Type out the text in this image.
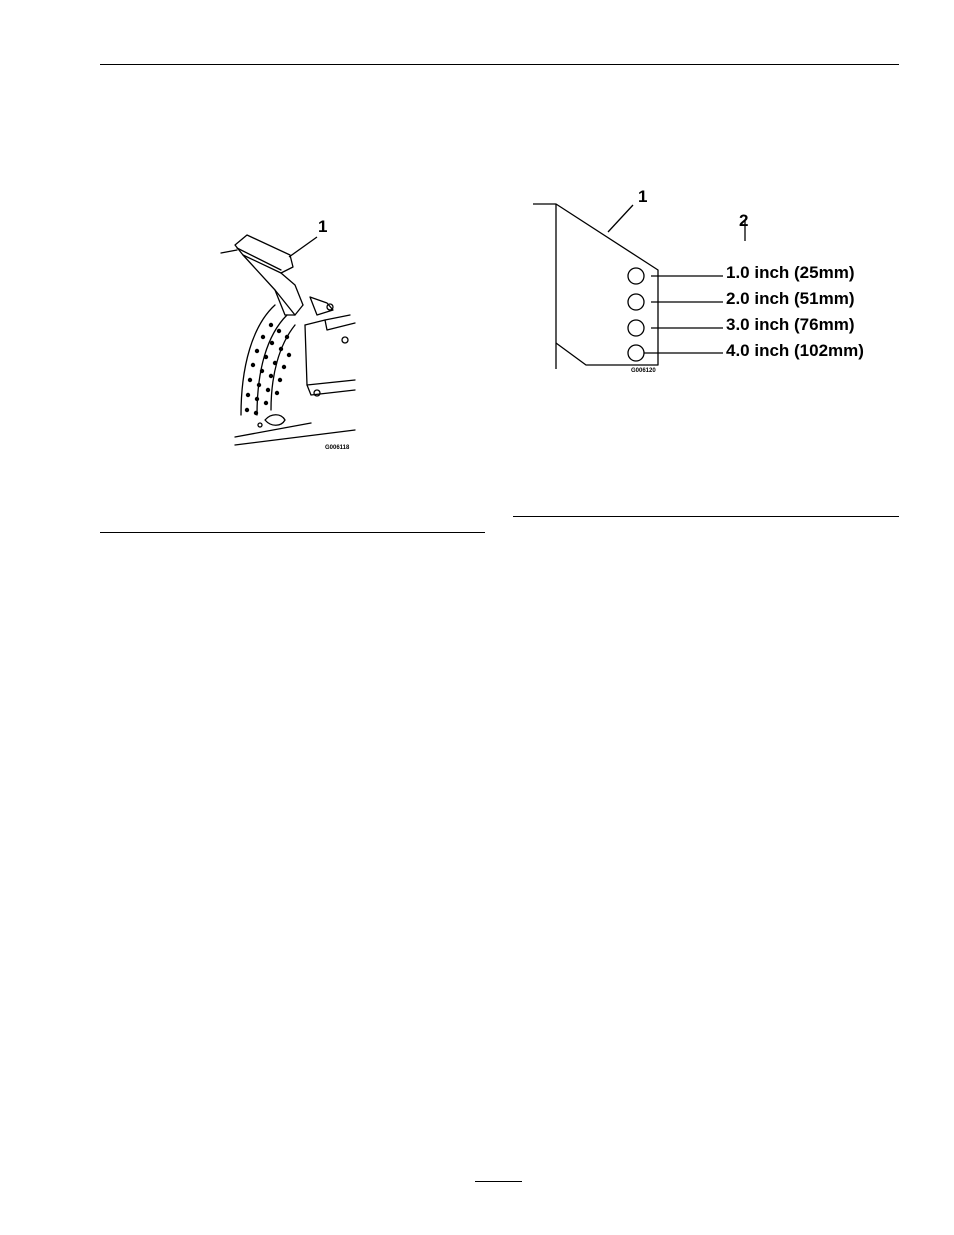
1
G006118
1
2
1.0 inch (25mm)
2.0 inch (51mm)
3.0 inch (76mm)
4.0 inch (102mm)
G006120
